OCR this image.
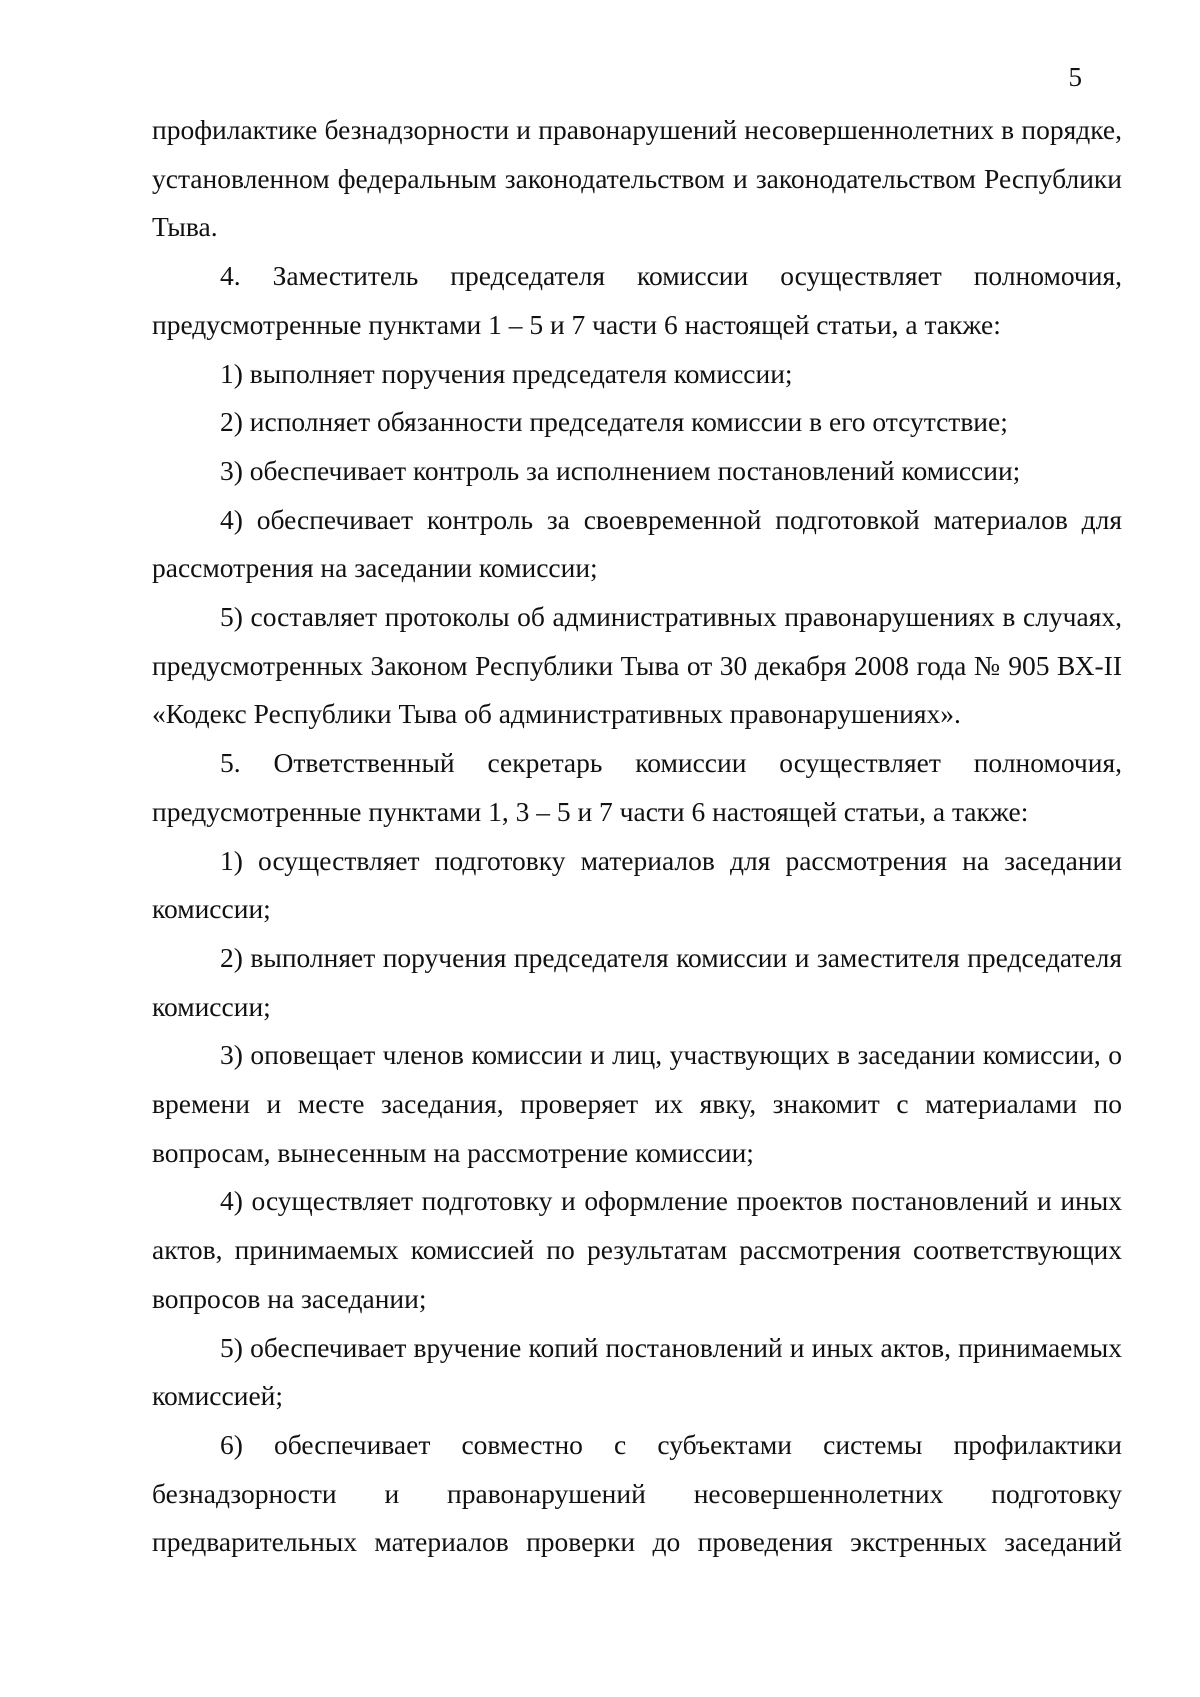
5

профилактике безнадзорности и правонарушений несовершеннолетних в порядке, установленном федеральным законодательством и законодательством Республики Тыва.

4. Заместитель председателя комиссии осуществляет полномочия, предусмотренные пунктами 1 – 5 и 7 части 6 настоящей статьи, а также:

1) выполняет поручения председателя комиссии;

2) исполняет обязанности председателя комиссии в его отсутствие;

3) обеспечивает контроль за исполнением постановлений комиссии;

4) обеспечивает контроль за своевременной подготовкой материалов для рассмотрения на заседании комиссии;

5) составляет протоколы об административных правонарушениях в случаях, предусмотренных Законом Республики Тыва от 30 декабря 2008 года № 905 ВХ-II «Кодекс Республики Тыва об административных правонарушениях».

5. Ответственный секретарь комиссии осуществляет полномочия, предусмотренные пунктами 1, 3 – 5 и 7 части 6 настоящей статьи, а также:

1) осуществляет подготовку материалов для рассмотрения на заседании комиссии;

2) выполняет поручения председателя комиссии и заместителя председателя комиссии;

3) оповещает членов комиссии и лиц, участвующих в заседании комиссии, о времени и месте заседания, проверяет их явку, знакомит с материалами по вопросам, вынесенным на рассмотрение комиссии;

4) осуществляет подготовку и оформление проектов постановлений и иных актов, принимаемых комиссией по результатам рассмотрения соответствующих вопросов на заседании;

5) обеспечивает вручение копий постановлений и иных актов, принимаемых комиссией;

6) обеспечивает совместно с субъектами системы профилактики безнадзорности и правонарушений несовершеннолетних подготовку предварительных материалов проверки до проведения экстренных заседаний
